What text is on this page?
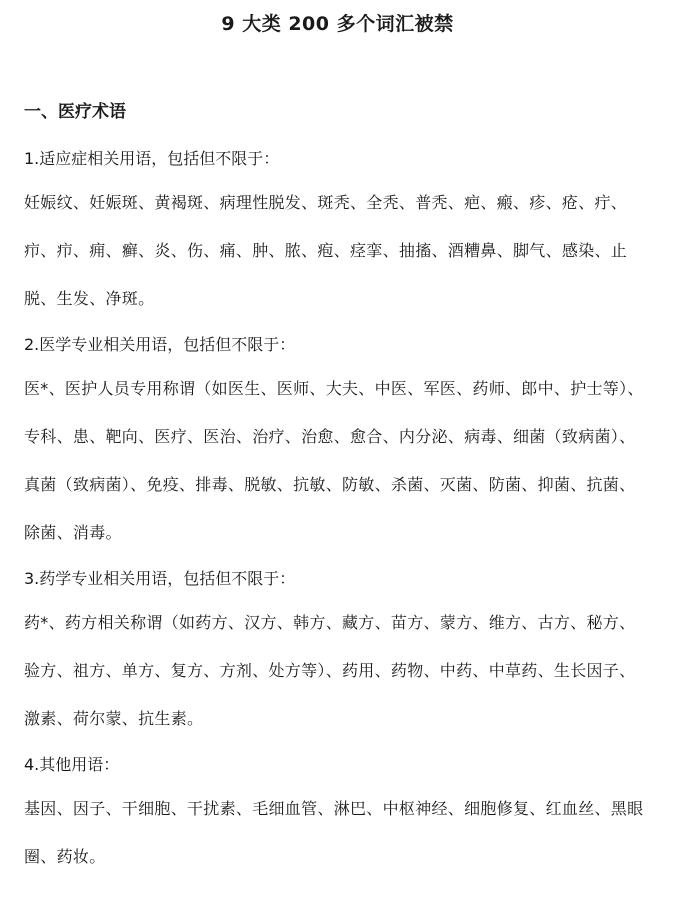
9 大类 200 多个词汇被禁
一、医疗术语

1.适应症相关用语，包括但不限于：

妊娠纹、妊娠斑、黄褐斑、病理性脱发、斑秃、全秃、普秃、疤、瘢、疹、疮、疔、疖、疖、痈、癣、炎、伤、痛、肿、脓、疱、痉挛、抽搐、酒糟鼻、脚气、感染、止脱、生发、净斑。

2.医学专业相关用语，包括但不限于：

医*、医护人员专用称谓（如医生、医师、大夫、中医、军医、药师、郎中、护士等）、专科、患、靶向、医疗、医治、治疗、治愈、愈合、内分泌、病毒、细菌（致病菌）、真菌（致病菌）、免疫、排毒、脱敏、抗敏、防敏、杀菌、灭菌、防菌、抑菌、抗菌、除菌、消毒。

3.药学专业相关用语，包括但不限于：

药*、药方相关称谓（如药方、汉方、韩方、藏方、苗方、蒙方、维方、古方、秘方、验方、祖方、单方、复方、方剂、处方等）、药用、药物、中药、中草药、生长因子、激素、荷尔蒙、抗生素。

4.其他用语：

基因、因子、干细胞、干扰素、毛细血管、淋巴、中枢神经、细胞修复、红血丝、黑眼圈、药妆。
